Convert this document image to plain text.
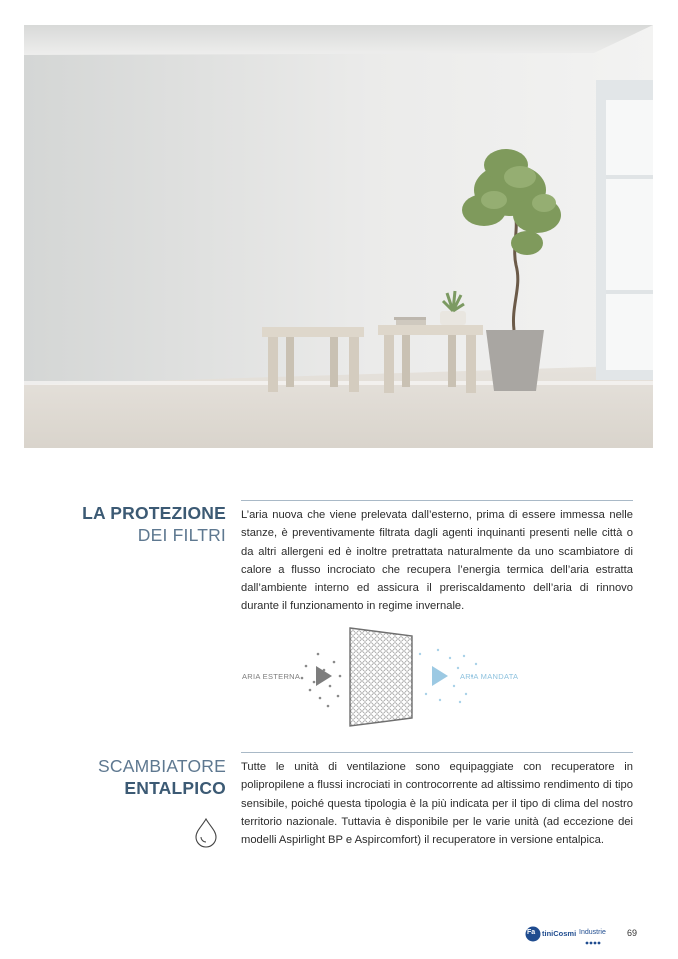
LA PROTEZIONE
DEI FILTRI
L’aria nuova che viene prelevata dall’esterno, prima di essere immessa nelle stanze, è preventivamente filtrata dagli agenti inquinanti presenti nelle città o da altri allergeni ed è inoltre pretrattata naturalmente da uno scambiatore di calore a flusso incrociato che recupera l’energia termica dell’aria estratta dall’ambiente interno ed assicura il preriscaldamento dell’aria di rinnovo durante il funzionamento in regime invernale.
ARIA ESTERNA	ARIA MANDATA
SCAMBIATORE
ENTALPICO
Tutte le unità di ventilazione sono equipaggiate con recuperatore in polipropilene a flussi incrociati in controcorrente ad altissimo rendimento di tipo sensibile, poiché questa tipologia è la più indicata per il tipo di clima del nostro territorio nazionale. Tuttavia è disponibile per le varie unità (ad eccezione dei modelli Aspirlight BP e Aspircomfort) il recuperatore in versione entalpica.
Fa tiniCosmi Industrie 69
